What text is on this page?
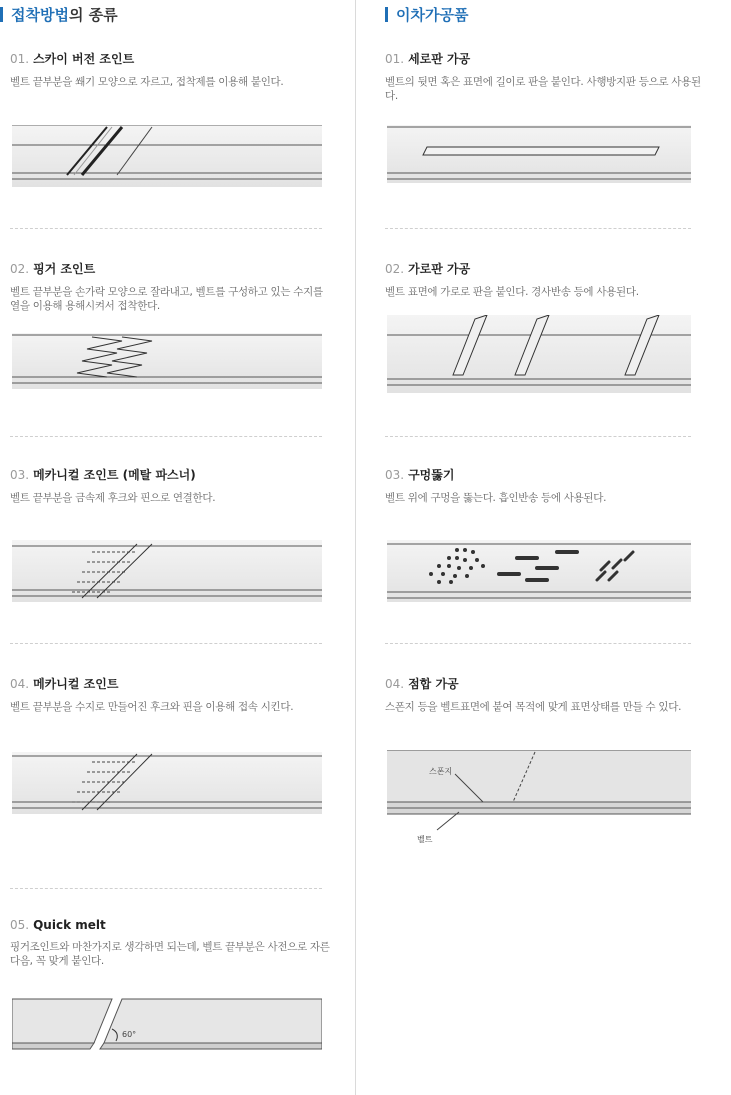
접착방법의 종류
01. 스카이 버전 조인트
벨트 끝부분을 쐐기 모양으로 자르고, 접착제를 이용해 붙인다.
02. 핑거 조인트
벨트 끝부분을 손가락 모양으로 잘라내고, 벨트를 구성하고 있는 수지를 열을 이용해 용해시켜서 접착한다.
03. 메카니컬 조인트 (메탈 파스너)
벨트 끝부분을 금속제 후크와 핀으로 연결한다.
04. 메카니컬 조인트
벨트 끝부분을 수지로 만들어진 후크와 핀을 이용해 접속 시킨다.
05. Quick melt
핑거조인트와 마찬가지로 생각하면 되는데, 벨트 끝부분은 사전으로 자른 다음, 꼭 맞게 붙인다.
60°
이차가공품
01. 세로판 가공
벨트의 뒷면 혹은 표면에 길이로 판을 붙인다. 사행방지판 등으로 사용된다.
02. 가로판 가공
벨트 표면에 가로로 판을 붙인다. 경사반송 등에 사용된다.
03. 구멍뚫기
벨트 위에 구멍을 뚫는다. 흡인반송 등에 사용된다.
04. 점합 가공
스폰지 등을 벨트표면에 붙여 목적에 맞게 표면상태를 만들 수 있다.
스폰지
벨트
